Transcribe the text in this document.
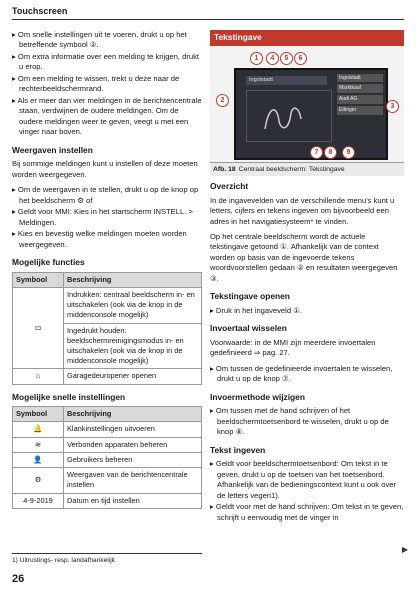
Touchscreen

▸ Om snelle instellingen uit te voeren, drukt u op het betreffende symbool ②.

▸ Om extra informatie over een melding te krijgen, drukt u erop.

▸ Om een melding te wissen, trekt u deze naar de rechterbeeldschermrand.

▸ Als er meer dan vier meldingen in de berichtencentrale staan, verdwijnen de oudere meldingen. Om de oudere meldingen weer te geven, veegt u met een vinger naar boven.

Weergaven instellen

Bij sommige meldingen kunt u instellen of deze moeten worden weergegeven.

▸ Om de weergaven in te stellen, drukt u op de knop op het beeldscherm ⚙ of

▸ Geldt voor MMI: Kies in het startscherm INSTELL. > Meldingen.

▸ Kies en bevestig welke meldingen moeten worden weergegeven.

Mogelijke functies
Symbool	Beschrijving
▭	Indrukken: centraal beeldscherm in- en uitschakelen (ook via de knop in de middenconsole mogelijk)
	Ingedrukt houden: beeldschermreinigingsmodus in- en uitschakelen (ook via de knop in de middenconsole mogelijk)
⌂	Garagedeuropener openen
Mogelijke snelle instellingen
Symbool	Beschrijving
🔔	Klankinstellingen uitvoeren
≋	Verbonden apparaten beheren
👤	Gebruikers beheren
⚙	Weergaven van de berichtencentrale instellen
4-9-2019	Datum en tijd instellen
Tekstingave
Ingolstadt	Ingolstadt
Marktkauf
Audi AG
Ettinger
1
2
3
4	5	6
7	8	9
Afb. 18 Centraal beeldscherm: Tekstingave
Overzicht

In de ingavevelden van de verschillende menu's kunt u letters, cijfers en tekens ingeven om bijvoorbeeld een adres in het navigatiesysteem* te vinden.

Op het centrale beeldscherm wordt de actuele tekstingave getoond ①. Afhankelijk van de context worden op basis van de ingevoerde tekens woordvoorstellen gedaan ② en resultaten weergegeven ③.

Tekstingave openen

▸ Druk in het ingaveveld ①.

Invoertaal wisselen

Voorwaarde: in de MMI zijn meerdere invoertalen gedefinieerd ⇒ pag. 27.

▸ Om tussen de gedefinieerde invoertalen te wisselen, drukt u op de knop ⑦.

Invoermethode wijzigen

▸ Om tussen met de hand schrijven of het beeldschermtoetsenbord te wisselen, drukt u op de knop ⑧.

Tekst ingeven

▸ Geldt voor beeldschermtoetsenbord: Om tekst in te geven, drukt u op de toetsen van het toetsenbord. Afhankelijk van de bedieningscontext kunt u ook over de letters vegen1).

▸ Geldt voor met de hand schrijven: Om tekst in te geven, schrijft u eenvoudig met de vinger in

▶
1) Uitrustings- resp. landafhankelijk
26
